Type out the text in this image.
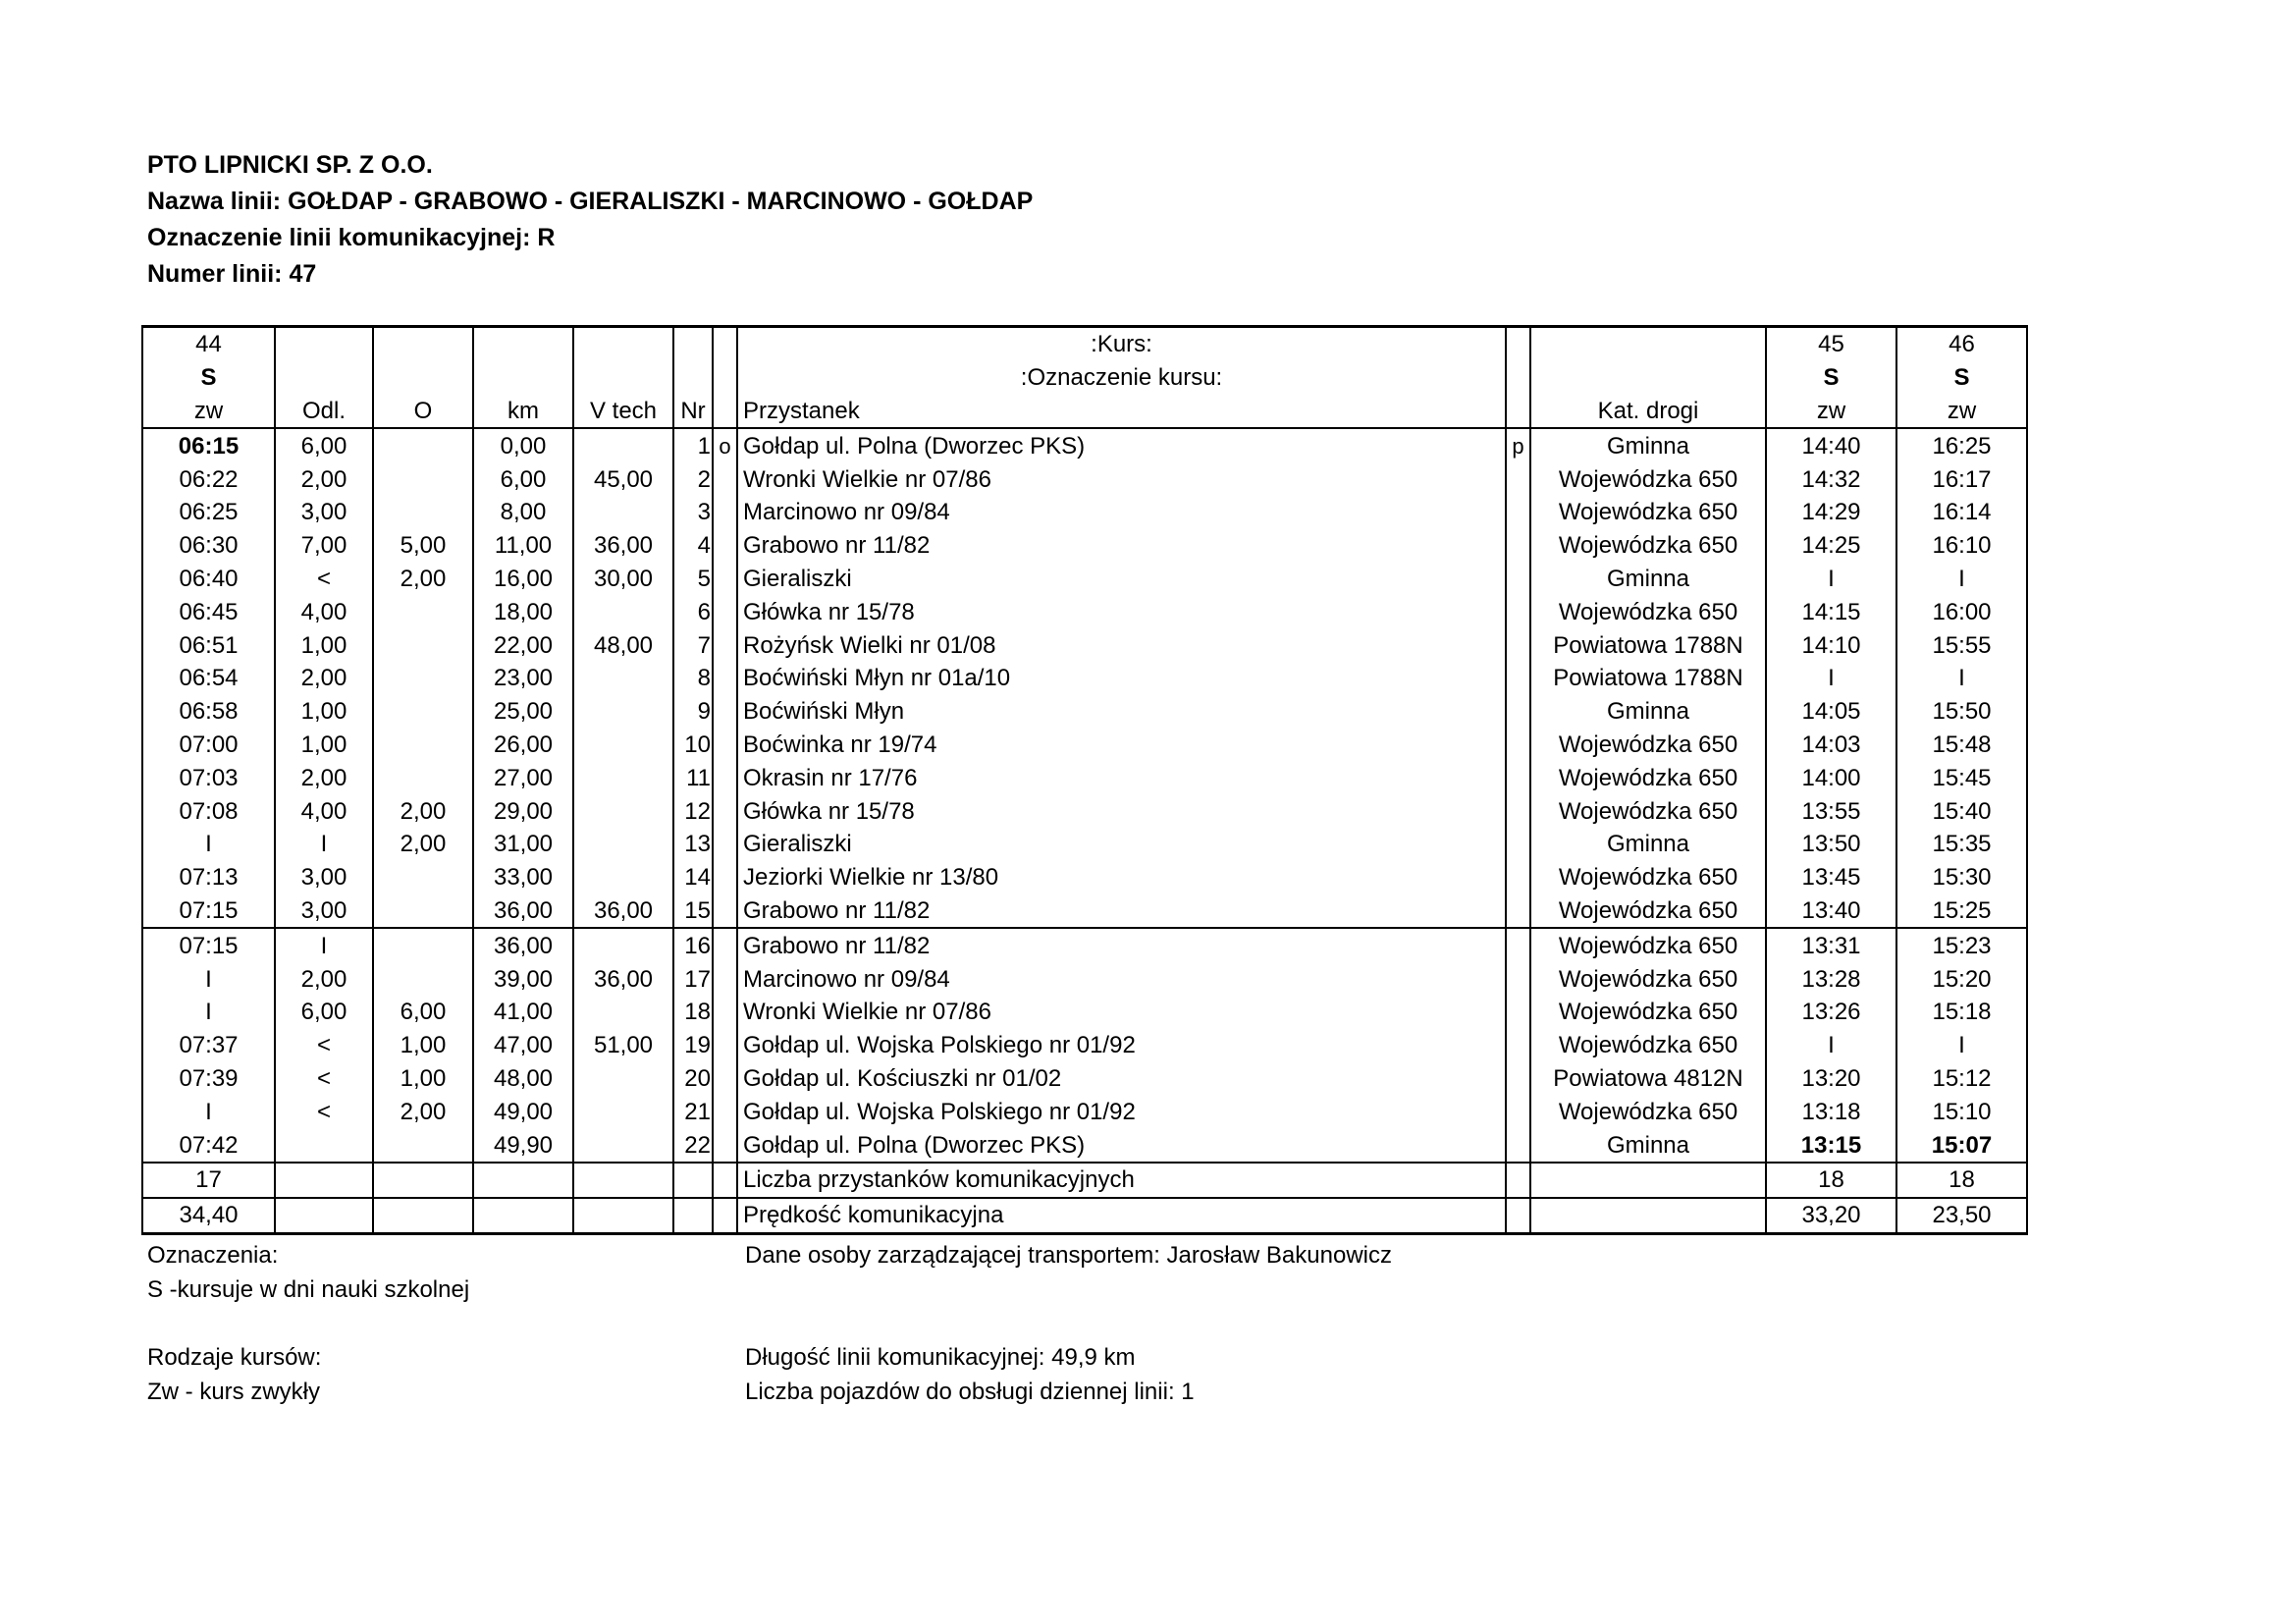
PTO LIPNICKI SP. Z O.O.
Nazwa linii: GOŁDAP - GRABOWO - GIERALISZKI - MARCINOWO - GOŁDAP
Oznaczenie linii komunikacyjnej: R
Numer linii: 47
44							:Kurs:			45	46
S							:Oznaczenie kursu:			S	S
zw	Odl.	O	km	V tech	Nr		Przystanek		Kat. drogi	zw	zw
06:15	6,00		0,00		1	o	Gołdap ul. Polna (Dworzec PKS)	p	Gminna	14:40	16:25
06:22	2,00		6,00	45,00	2		Wronki Wielkie nr 07/86		Wojewódzka 650	14:32	16:17
06:25	3,00		8,00		3		Marcinowo nr 09/84		Wojewódzka 650	14:29	16:14
06:30	7,00	5,00	11,00	36,00	4		Grabowo nr 11/82		Wojewódzka 650	14:25	16:10
06:40	<	2,00	16,00	30,00	5		Gieraliszki		Gminna	I	I
06:45	4,00		18,00		6		Główka nr 15/78		Wojewódzka 650	14:15	16:00
06:51	1,00		22,00	48,00	7		Rożyńsk Wielki nr 01/08		Powiatowa 1788N	14:10	15:55
06:54	2,00		23,00		8		Boćwiński Młyn nr 01a/10		Powiatowa 1788N	I	I
06:58	1,00		25,00		9		Boćwiński Młyn		Gminna	14:05	15:50
07:00	1,00		26,00		10		Boćwinka nr 19/74		Wojewódzka 650	14:03	15:48
07:03	2,00		27,00		11		Okrasin nr 17/76		Wojewódzka 650	14:00	15:45
07:08	4,00	2,00	29,00		12		Główka nr 15/78		Wojewódzka 650	13:55	15:40
I	I	2,00	31,00		13		Gieraliszki		Gminna	13:50	15:35
07:13	3,00		33,00		14		Jeziorki Wielkie nr 13/80		Wojewódzka 650	13:45	15:30
07:15	3,00		36,00	36,00	15		Grabowo nr 11/82		Wojewódzka 650	13:40	15:25
07:15	I		36,00		16		Grabowo nr 11/82		Wojewódzka 650	13:31	15:23
I	2,00		39,00	36,00	17		Marcinowo nr 09/84		Wojewódzka 650	13:28	15:20
I	6,00	6,00	41,00		18		Wronki Wielkie nr 07/86		Wojewódzka 650	13:26	15:18
07:37	<	1,00	47,00	51,00	19		Gołdap ul. Wojska Polskiego nr 01/92		Wojewódzka 650	I	I
07:39	<	1,00	48,00		20		Gołdap ul. Kościuszki nr 01/02		Powiatowa 4812N	13:20	15:12
I	<	2,00	49,00		21		Gołdap ul. Wojska Polskiego nr 01/92		Wojewódzka 650	13:18	15:10
07:42			49,90		22		Gołdap ul. Polna (Dworzec PKS)		Gminna	13:15	15:07
17							Liczba przystanków komunikacyjnych			18	18
34,40							Prędkość komunikacyjna			33,20	23,50
Oznaczenia:
S -kursuje w dni nauki szkolnej
Rodzaje kursów:
Zw - kurs zwykły
Dane osoby zarządzającej transportem: Jarosław Bakunowicz
Długość linii komunikacyjnej: 49,9 km
Liczba pojazdów do obsługi dziennej linii: 1
